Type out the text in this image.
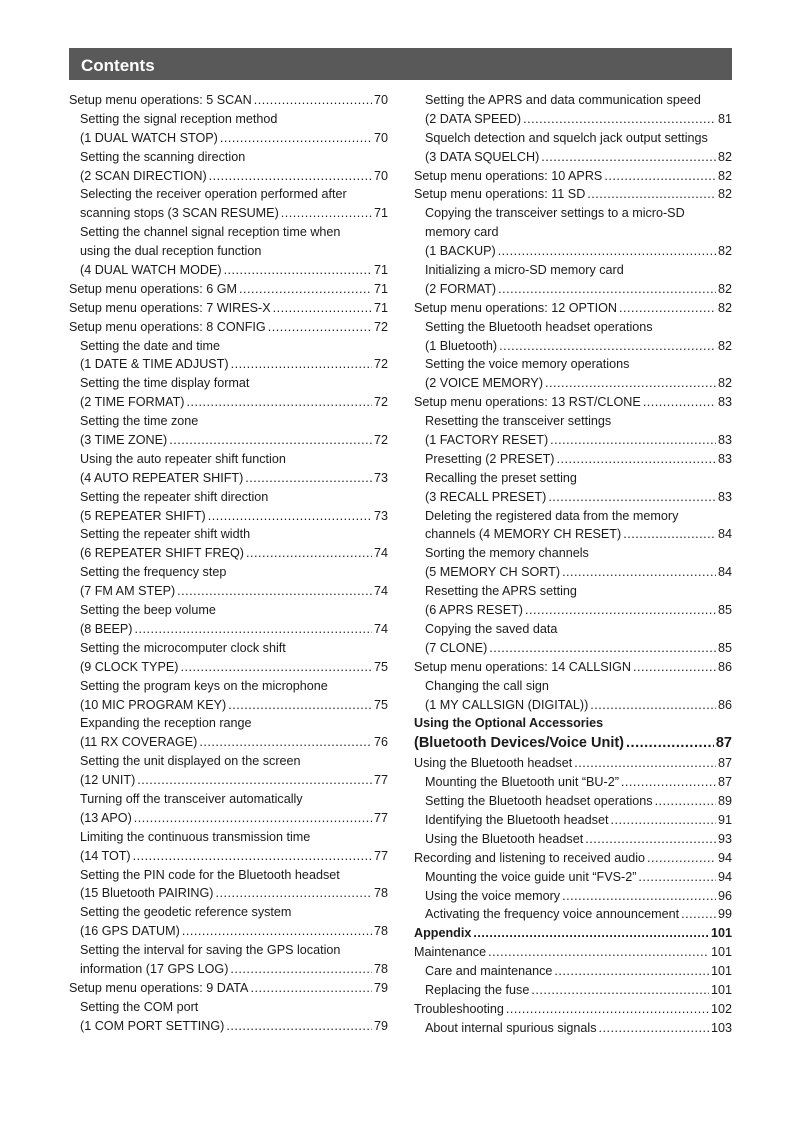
Contents
Setup menu operations: 5 SCAN .....	70
Setting the signal reception method
(1 DUAL WATCH STOP) .....	70
Setting the scanning direction
(2 SCAN DIRECTION) .....	70
Selecting the receiver operation performed after
scanning stops (3 SCAN RESUME) .....	71
Setting the channel signal reception time when
using the dual reception function
(4 DUAL WATCH MODE) .....	71
Setup menu operations: 6 GM .....	71
Setup menu operations: 7 WIRES-X .....	71
Setup menu operations: 8 CONFIG .....	72
Setting the date and time
(1 DATE & TIME ADJUST) .....	72
Setting the time display format
(2 TIME FORMAT) .....	72
Setting the time zone
(3 TIME ZONE) .....	72
Using the auto repeater shift function
(4 AUTO REPEATER SHIFT) .....	73
Setting the repeater shift direction
(5 REPEATER SHIFT) .....	73
Setting the repeater shift width
(6 REPEATER SHIFT FREQ) .....	74
Setting the frequency step
(7 FM AM STEP) .....	74
Setting the beep volume
(8 BEEP) .....	74
Setting the microcomputer clock shift
(9 CLOCK TYPE) .....	75
Setting the program keys on the microphone
(10 MIC PROGRAM KEY) .....	75
Expanding the reception range
(11 RX COVERAGE) .....	76
Setting the unit displayed on the screen
(12 UNIT) .....	77
Turning off the transceiver automatically
(13 APO) .....	77
Limiting the continuous transmission time
(14 TOT) .....	77
Setting the PIN code for the Bluetooth headset
(15 Bluetooth PAIRING) .....	78
Setting the geodetic reference system
(16 GPS DATUM) .....	78
Setting the interval for saving the GPS location
information (17 GPS LOG) .....	78
Setup menu operations: 9 DATA .....	79
Setting the COM port
(1 COM PORT SETTING) .....	79
Setting the APRS and data communication speed
(2 DATA SPEED) .....	81
Squelch detection and squelch jack output settings
(3 DATA SQUELCH) .....	82
Setup menu operations: 10 APRS .....	82
Setup menu operations: 11 SD .....	82
Copying the transceiver settings to a micro-SD
memory card
(1 BACKUP) .....	82
Initializing a micro-SD memory card
(2 FORMAT) .....	82
Setup menu operations: 12 OPTION .....	82
Setting the Bluetooth headset operations
(1 Bluetooth) .....	82
Setting the voice memory operations
(2 VOICE MEMORY) .....	82
Setup menu operations: 13 RST/CLONE .....	83
Resetting the transceiver settings
(1 FACTORY RESET) .....	83
Presetting (2 PRESET) .....	83
Recalling the preset setting
(3 RECALL PRESET) .....	83
Deleting the registered data from the memory
channels (4 MEMORY CH RESET) .....	84
Sorting the memory channels
(5 MEMORY CH SORT) .....	84
Resetting the APRS setting
(6 APRS RESET) .....	85
Copying the saved data
(7 CLONE) .....	85
Setup menu operations: 14 CALLSIGN .....	86
Changing the call sign
(1 MY CALLSIGN (DIGITAL)) .....	86
Using the Optional Accessories
(Bluetooth Devices/Voice Unit) .....	87
Using the Bluetooth headset .....	87
Mounting the Bluetooth unit “BU-2” .....	87
Setting the Bluetooth headset operations .....	89
Identifying the Bluetooth headset .....	91
Using the Bluetooth headset .....	93
Recording and listening to received audio .....	94
Mounting the voice guide unit “FVS-2” .....	94
Using the voice memory .....	96
Activating the frequency voice announcement .....	99
Appendix .....	101
Maintenance .....	101
Care and maintenance .....	101
Replacing the fuse .....	101
Troubleshooting .....	102
About internal spurious signals .....	103
